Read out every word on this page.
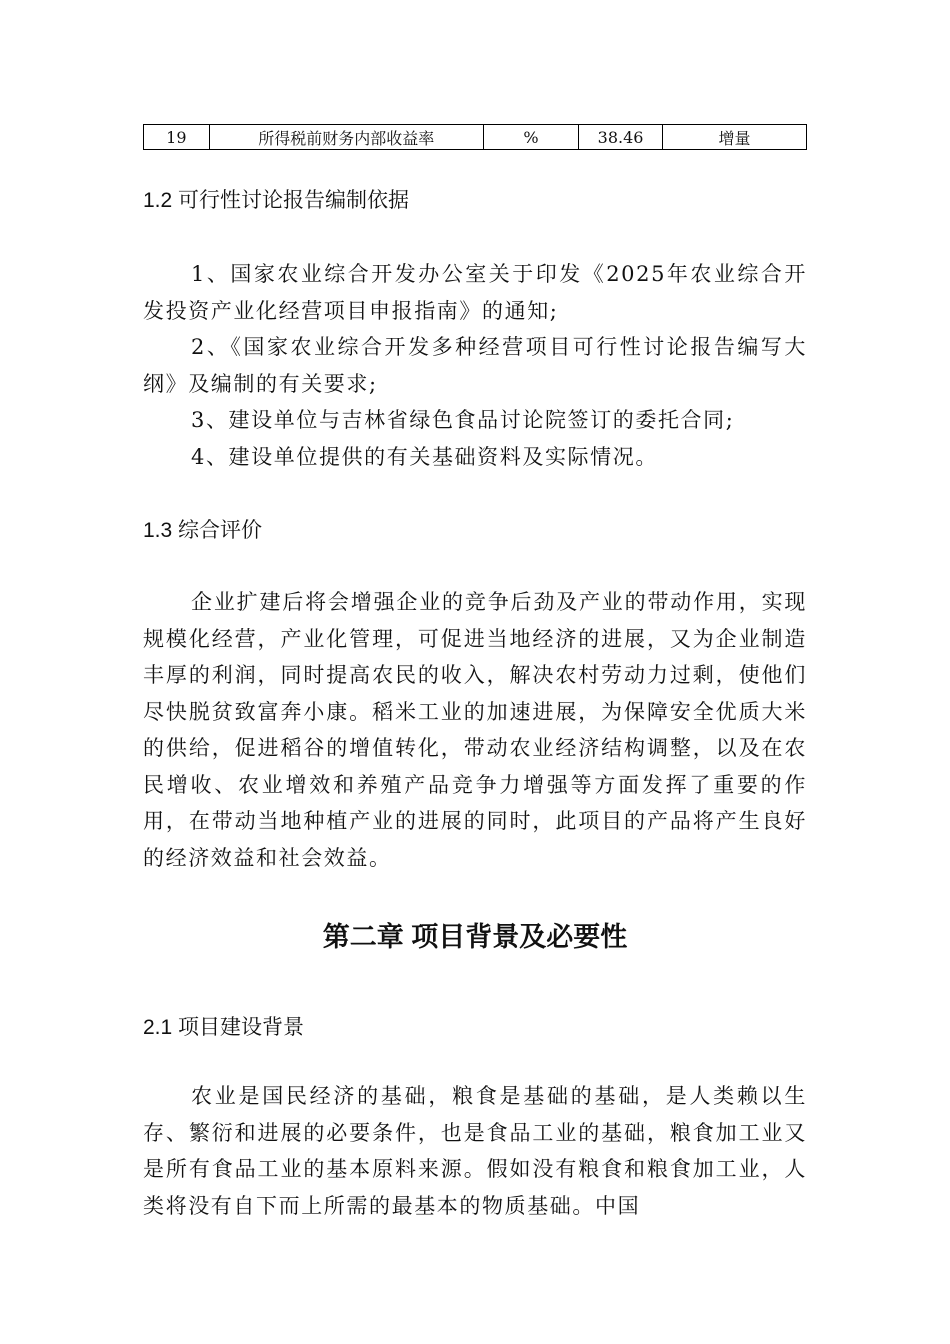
19	所得税前财务内部收益率	%	38.46	增量
1.2 可行性讨论报告编制依据

1、国家农业综合开发办公室关于印发《2025年农业综合开发投资产业化经营项目申报指南》的通知;

2、《国家农业综合开发多种经营项目可行性讨论报告编写大纲》及编制的有关要求;

3、建设单位与吉林省绿色食品讨论院签订的委托合同;

4、建设单位提供的有关基础资料及实际情况。

1.3 综合评价

企业扩建后将会增强企业的竞争后劲及产业的带动作用，实现规模化经营，产业化管理，可促进当地经济的进展，又为企业制造丰厚的利润，同时提高农民的收入，解决农村劳动力过剩，使他们尽快脱贫致富奔小康。稻米工业的加速进展，为保障安全优质大米的供给，促进稻谷的增值转化，带动农业经济结构调整，以及在农民增收、农业增效和养殖产品竞争力增强等方面发挥了重要的作用，在带动当地种植产业的进展的同时，此项目的产品将产生良好的经济效益和社会效益。

第二章 项目背景及必要性
2.1 项目建设背景

农业是国民经济的基础，粮食是基础的基础，是人类赖以生存、繁衍和进展的必要条件，也是食品工业的基础，粮食加工业又是所有食品工业的基本原料来源。假如没有粮食和粮食加工业，人类将没有自下而上所需的最基本的物质基础。中国
